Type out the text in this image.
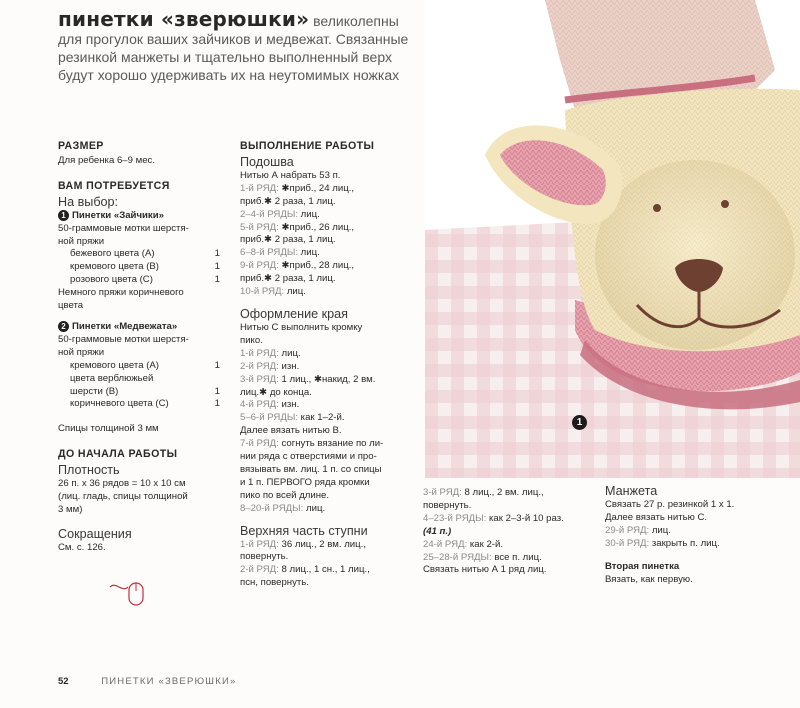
пинетки «зверюшки» великолепны для прогулок ваших зайчиков и медвежат. Связанные резинкой манжеты и тщательно выполненный верх будут хорошо удерживать их на неутомимых ножках
РАЗМЕР
Для ребенка 6–9 мес.
ВАМ ПОТРЕБУЕТСЯ
На выбор:
1 Пинетки «Зайчики»
50-граммовые мотки шерстя-
ной пряжи
бежевого цвета (А)	1
кремового цвета (В)	1
розового цвета (С)	1
Немного пряжи коричневого
цвета
2 Пинетки «Медвежата»
50-граммовые мотки шерстя-
ной пряжи
кремового цвета (А)	1
цвета верблюжьей
шерсти (В)	1
коричневого цвета (С)	1
Спицы толщиной 3 мм
ДО НАЧАЛА РАБОТЫ
Плотность
26 п. х 36 рядов = 10 х 10 см
(лиц. гладь, спицы толщиной
3 мм)
Сокращения
См. с. 126.
ВЫПОЛНЕНИЕ РАБОТЫ
Подошва
Нитью А набрать 53 п.
1-й РЯД: ✱приб., 24 лиц.,
приб.✱ 2 раза, 1 лиц.
2–4-й РЯДЫ: лиц.
5-й РЯД: ✱приб., 26 лиц.,
приб.✱ 2 раза, 1 лиц.
6–8-й РЯДЫ: лиц.
9-й РЯД: ✱приб., 28 лиц.,
приб.✱ 2 раза, 1 лиц.
10-й РЯД: лиц.
Оформление края
Нитью С выполнить кромку
пико.
1-й РЯД: лиц.
2-й РЯД: изн.
3-й РЯД: 1 лиц., ✱накид, 2 вм.
лиц.✱ до конца.
4-й РЯД: изн.
5–6-й РЯДЫ: как 1–2-й.
Далее вязать нитью В.
7-й РЯД: согнуть вязание по ли-
нии ряда с отверстиями и про-
вязывать вм. лиц. 1 п. со спицы
и 1 п. ПЕРВОГО ряда кромки
пико по всей длине.
8–20-й РЯДЫ: лиц.
Верхняя часть ступни
1-й РЯД: 36 лиц., 2 вм. лиц.,
повернуть.
2-й РЯД: 8 лиц., 1 сн., 1 лиц.,
псн, повернуть.
3-й РЯД: 8 лиц., 2 вм. лиц.,
повернуть.
4–23-й РЯДЫ: как 2–3-й 10 раз.
(41 п.)
24-й РЯД: как 2-й.
25–28-й РЯДЫ: все п. лиц.
Связать нитью А 1 ряд лиц.
Манжета
Связать 27 р. резинкой 1 х 1.
Далее вязать нитью С.
29-й РЯД: лиц.
30-й РЯД: закрыть п. лиц.
Вторая пинетка
Вязать, как первую.
1
52	ПИНЕТКИ «ЗВЕРЮШКИ»
